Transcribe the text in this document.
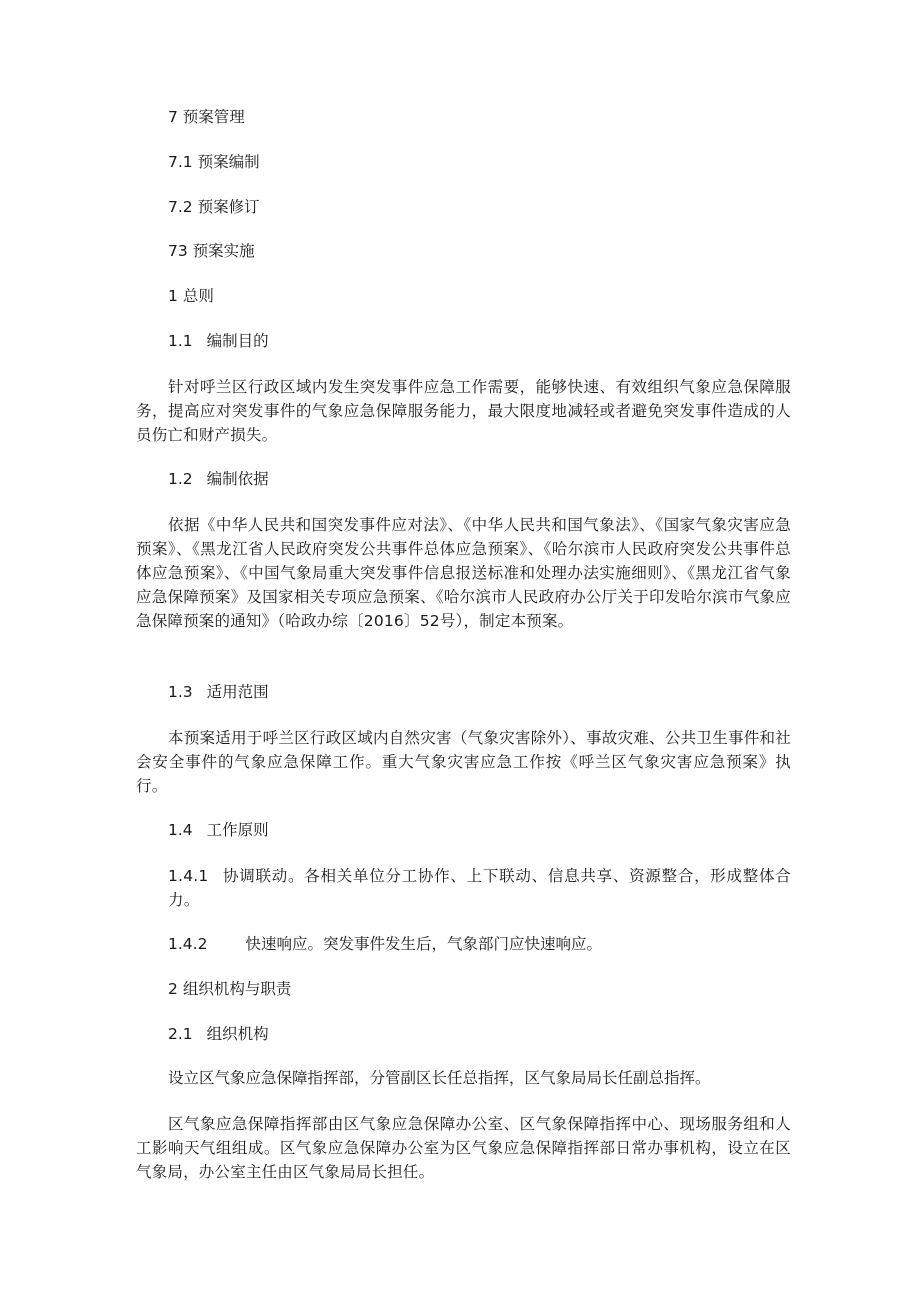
7 预案管理
7.1 预案编制
7.2 预案修订
73 预案实施
1 总则
1.1 编制目的
针对呼兰区行政区域内发生突发事件应急工作需要，能够快速、有效组织气象应急保障服务，提高应对突发事件的气象应急保障服务能力，最大限度地减轻或者避免突发事件造成的人员伤亡和财产损失。
1.2 编制依据
依据《中华人民共和国突发事件应对法》、《中华人民共和国气象法》、《国家气象灾害应急预案》、《黑龙江省人民政府突发公共事件总体应急预案》、《哈尔滨市人民政府突发公共事件总体应急预案》、《中国气象局重大突发事件信息报送标准和处理办法实施细则》、《黑龙江省气象应急保障预案》及国家相关专项应急预案、《哈尔滨市人民政府办公厅关于印发哈尔滨市气象应急保障预案的通知》（哈政办综〔2016〕52号），制定本预案。
1.3 适用范围
本预案适用于呼兰区行政区域内自然灾害（气象灾害除外）、事故灾难、公共卫生事件和社会安全事件的气象应急保障工作。重大气象灾害应急工作按《呼兰区气象灾害应急预案》执行。
1.4 工作原则
1.4.1 协调联动。各相关单位分工协作、上下联动、信息共享、资源整合，形成整体合力。
1.4.2 快速响应。突发事件发生后，气象部门应快速响应。
2 组织机构与职责
2.1 组织机构
设立区气象应急保障指挥部，分管副区长任总指挥，区气象局局长任副总指挥。
区气象应急保障指挥部由区气象应急保障办公室、区气象保障指挥中心、现场服务组和人工影响天气组组成。区气象应急保障办公室为区气象应急保障指挥部日常办事机构，设立在区气象局，办公室主任由区气象局局长担任。
